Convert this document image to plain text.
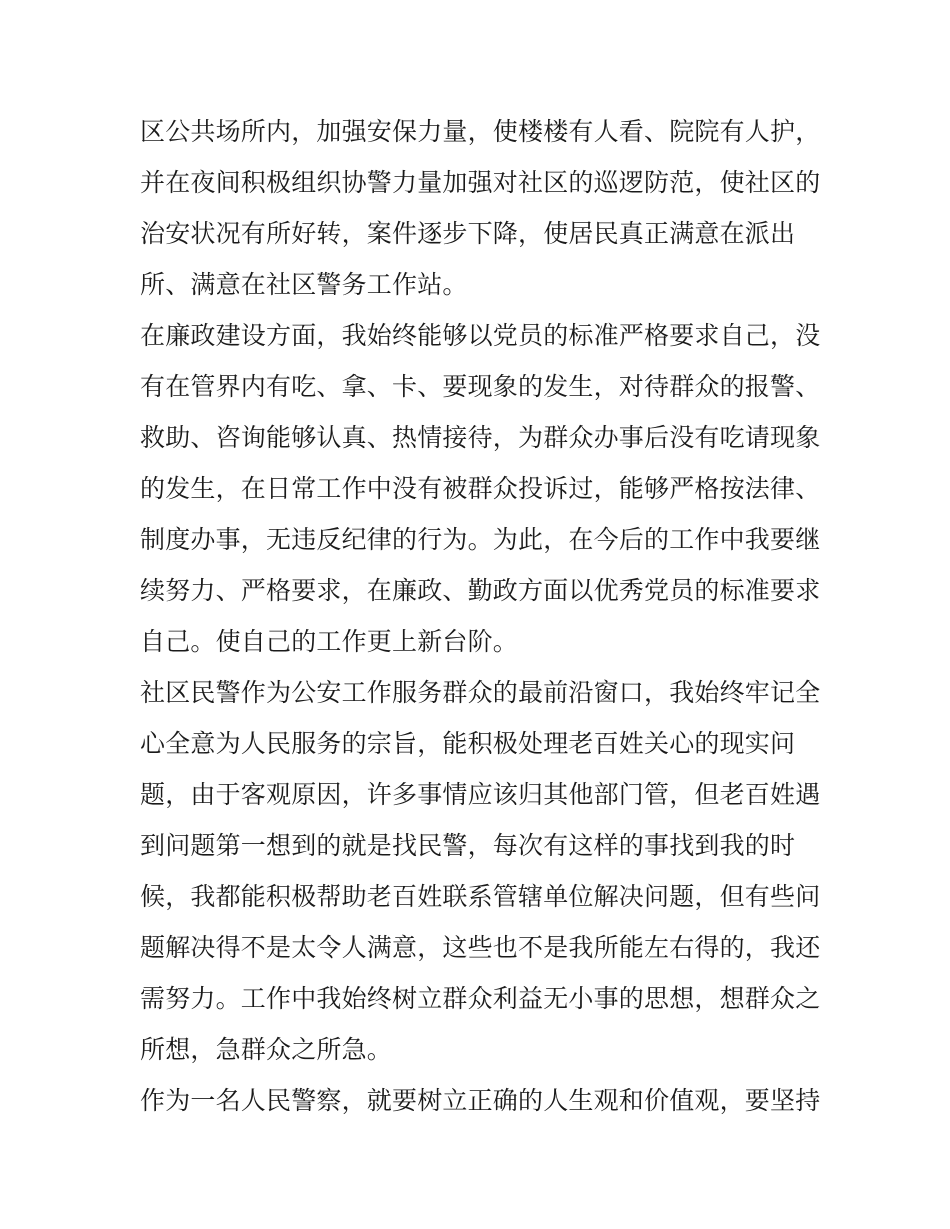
区公共场所内，加强安保力量，使楼楼有人看、院院有人护，
并在夜间积极组织协警力量加强对社区的巡逻防范，使社区的
治安状况有所好转，案件逐步下降，使居民真正满意在派出
所、满意在社区警务工作站。
在廉政建设方面，我始终能够以党员的标准严格要求自己，没
有在管界内有吃、拿、卡、要现象的发生，对待群众的报警、
救助、咨询能够认真、热情接待，为群众办事后没有吃请现象
的发生，在日常工作中没有被群众投诉过，能够严格按法律、
制度办事，无违反纪律的行为。为此，在今后的工作中我要继
续努力、严格要求，在廉政、勤政方面以优秀党员的标准要求
自己。使自己的工作更上新台阶。
社区民警作为公安工作服务群众的最前沿窗口，我始终牢记全
心全意为人民服务的宗旨，能积极处理老百姓关心的现实问
题，由于客观原因，许多事情应该归其他部门管，但老百姓遇
到问题第一想到的就是找民警，每次有这样的事找到我的时
候，我都能积极帮助老百姓联系管辖单位解决问题，但有些问
题解决得不是太令人满意，这些也不是我所能左右得的，我还
需努力。工作中我始终树立群众利益无小事的思想，想群众之
所想，急群众之所急。
作为一名人民警察，就要树立正确的人生观和价值观，要坚持
